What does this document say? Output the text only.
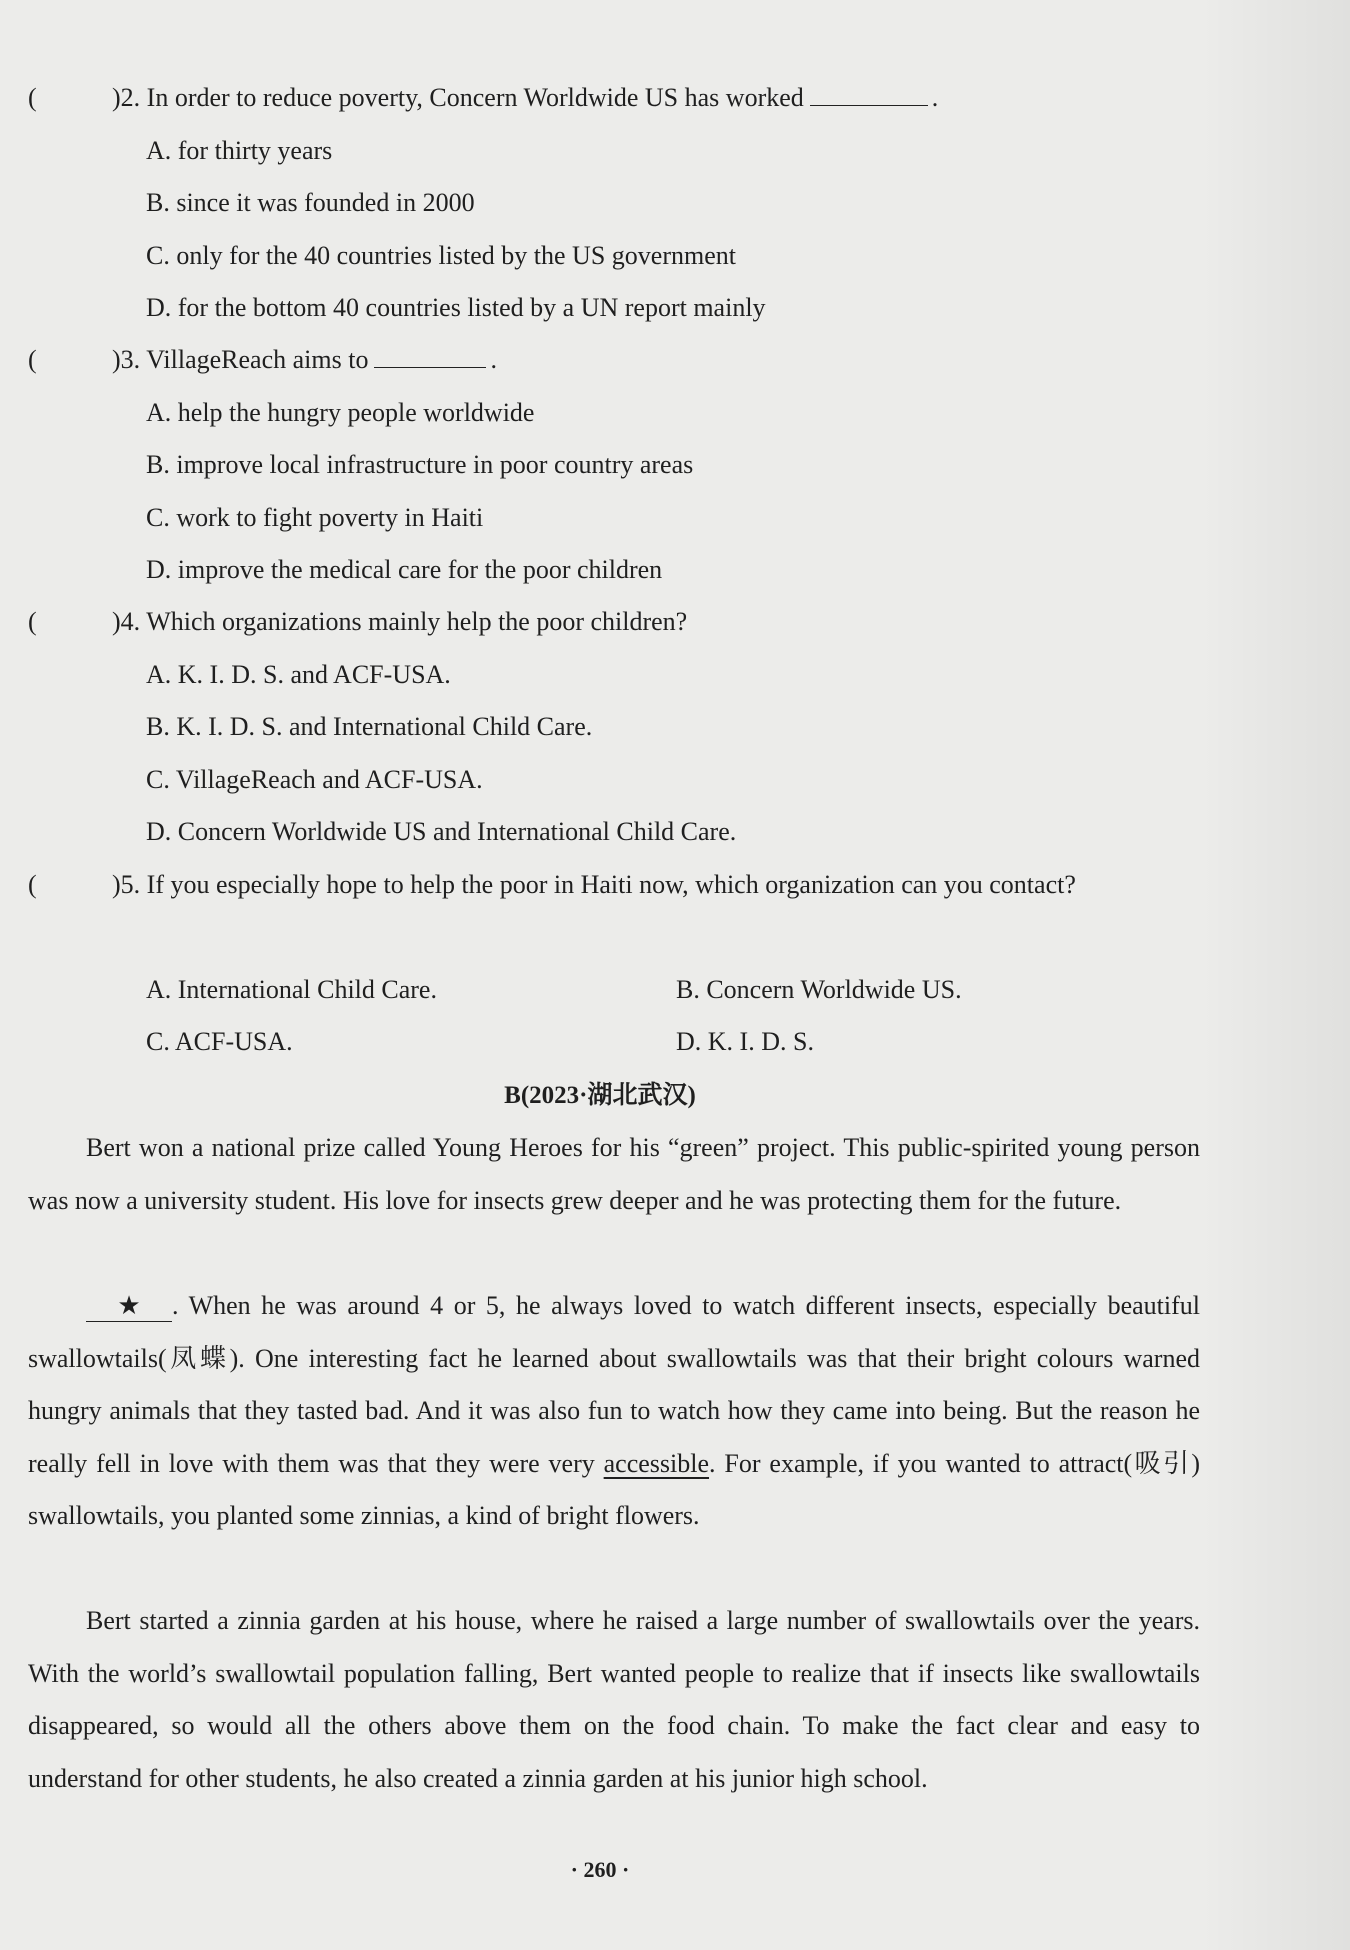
(	)2. In order to reduce poverty, Concern Worldwide US has worked	.
A. for thirty years
B. since it was founded in 2000
C. only for the 40 countries listed by the US government
D. for the bottom 40 countries listed by a UN report mainly
(	)3. VillageReach aims to	.
A. help the hungry people worldwide
B. improve local infrastructure in poor country areas
C. work to fight poverty in Haiti
D. improve the medical care for the poor children
(	)4. Which organizations mainly help the poor children?
A. K. I. D. S. and ACF-USA.
B. K. I. D. S. and International Child Care.
C. VillageReach and ACF-USA.
D. Concern Worldwide US and International Child Care.
(	)5. If you especially hope to help the poor in Haiti now, which organization can you contact?
A. International Child Care.	B. Concern Worldwide US.
C. ACF-USA.	D. K. I. D. S.
B(2023·湖北武汉)
Bert won a national prize called Young Heroes for his “green” project. This public-spirited young person was now a university student. His love for insects grew deeper and he was protecting them for the future.
★ . When he was around 4 or 5, he always loved to watch different insects, especially beautiful swallowtails(凤蝶). One interesting fact he learned about swallowtails was that their bright colours warned hungry animals that they tasted bad. And it was also fun to watch how they came into being. But the reason he really fell in love with them was that they were very accessible. For example, if you wanted to attract(吸引) swallowtails, you planted some zinnias, a kind of bright flowers.
Bert started a zinnia garden at his house, where he raised a large number of swallowtails over the years. With the world’s swallowtail population falling, Bert wanted people to realize that if insects like swallowtails disappeared, so would all the others above them on the food chain. To make the fact clear and easy to understand for other students, he also created a zinnia garden at his junior high school.
· 260 ·
